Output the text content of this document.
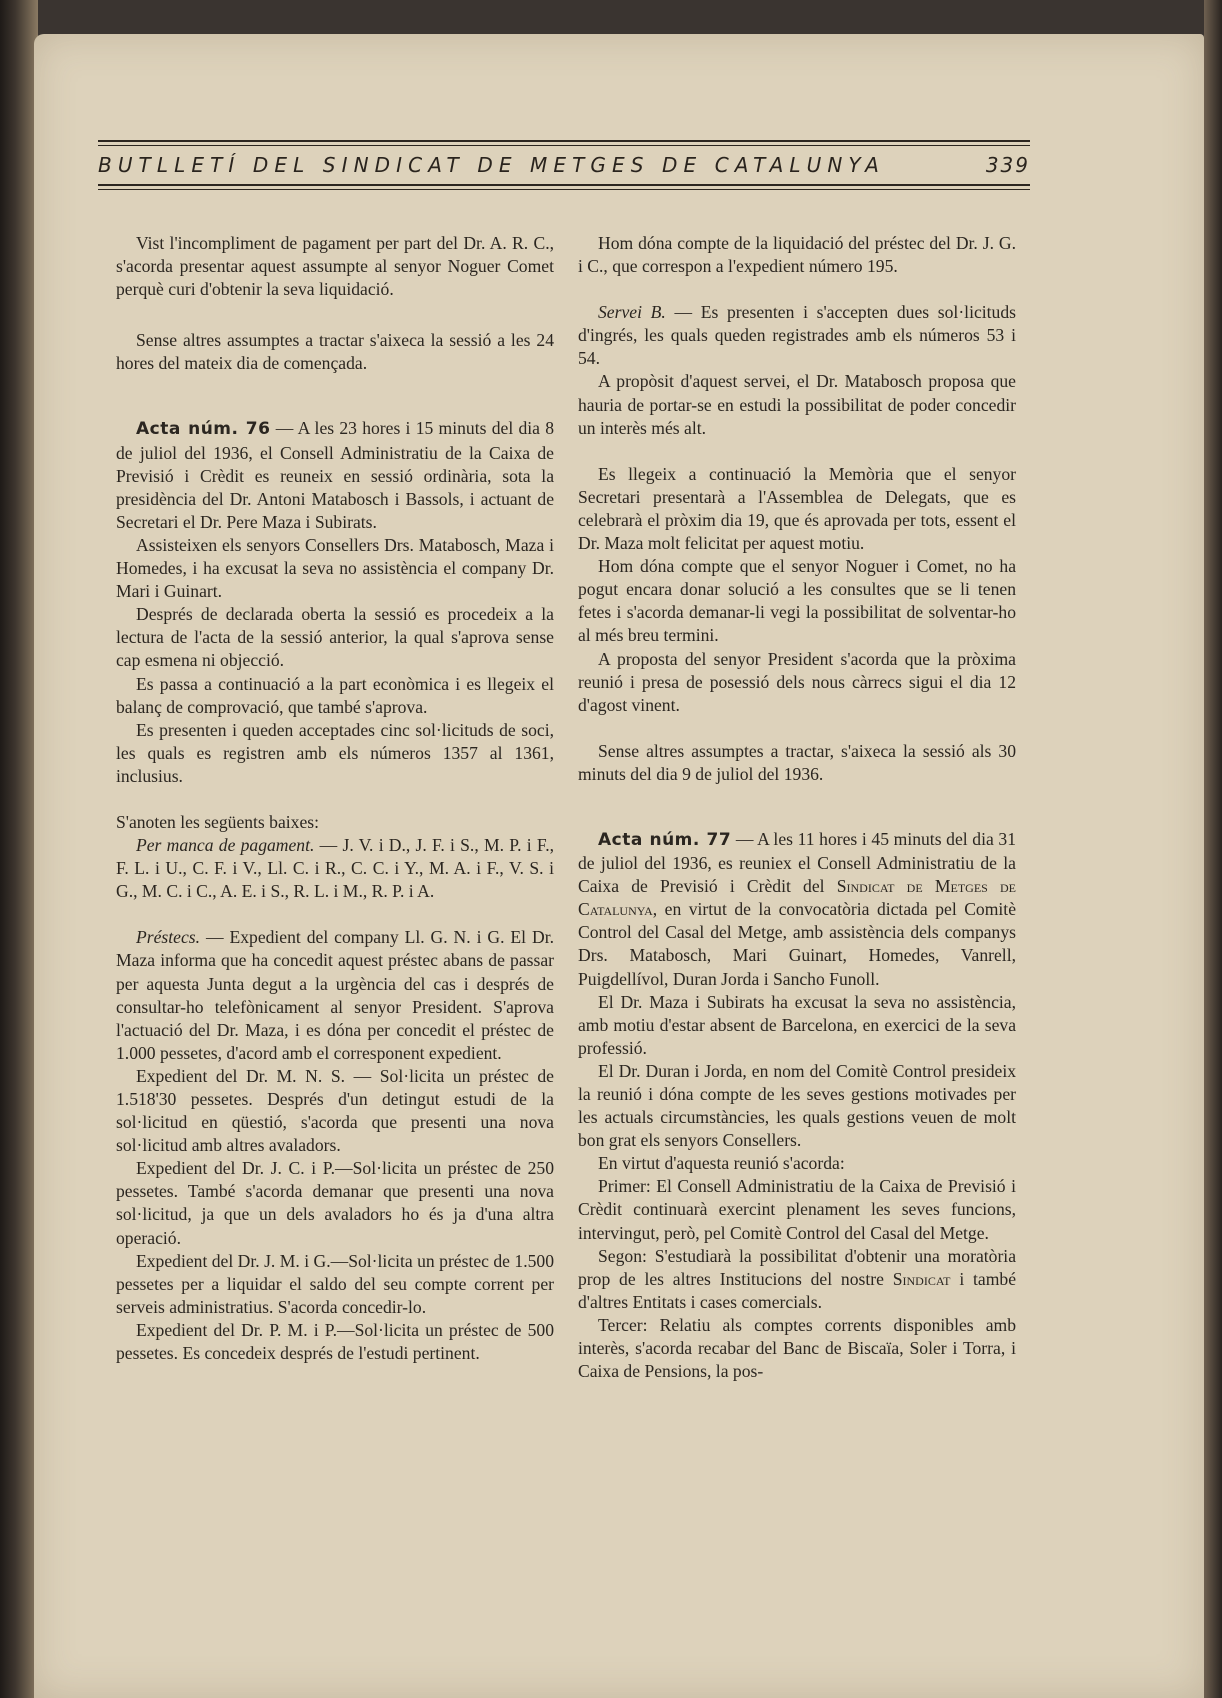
BUTLLETÍ DEL SINDICAT DE METGES DE CATALUNYA	339

Vist l'incompliment de pagament per part del Dr. A. R. C., s'acorda presentar aquest assumpte al senyor Noguer Comet perquè curi d'obtenir la seva liquidació.

Sense altres assumptes a tractar s'aixeca la sessió a les 24 hores del mateix dia de començada.

Acta núm. 76 — A les 23 hores i 15 minuts del dia 8 de juliol del 1936, el Consell Administratiu de la Caixa de Previsió i Crèdit es reuneix en sessió ordinària, sota la presidència del Dr. Antoni Matabosch i Bassols, i actuant de Secretari el Dr. Pere Maza i Subirats.

Assisteixen els senyors Consellers Drs. Matabosch, Maza i Homedes, i ha excusat la seva no assistència el company Dr. Mari i Guinart.

Després de declarada oberta la sessió es procedeix a la lectura de l'acta de la sessió anterior, la qual s'aprova sense cap esmena ni objecció.

Es passa a continuació a la part econòmica i es llegeix el balanç de comprovació, que també s'aprova.

Es presenten i queden acceptades cinc sol·licituds de soci, les quals es registren amb els números 1357 al 1361, inclusius.

S'anoten les següents baixes:

Per manca de pagament. — J. V. i D., J. F. i S., M. P. i F., F. L. i U., C. F. i V., Ll. C. i R., C. C. i Y., M. A. i F., V. S. i G., M. C. i C., A. E. i S., R. L. i M., R. P. i A.

Préstecs. — Expedient del company Ll. G. N. i G. El Dr. Maza informa que ha concedit aquest préstec abans de passar per aquesta Junta degut a la urgència del cas i després de consultar-ho telefònicament al senyor President. S'aprova l'actuació del Dr. Maza, i es dóna per concedit el préstec de 1.000 pessetes, d'acord amb el corresponent expedient.

Expedient del Dr. M. N. S. — Sol·licita un préstec de 1.518'30 pessetes. Després d'un detingut estudi de la sol·licitud en qüestió, s'acorda que presenti una nova sol·licitud amb altres avaladors.

Expedient del Dr. J. C. i P.—Sol·licita un préstec de 250 pessetes. També s'acorda demanar que presenti una nova sol·licitud, ja que un dels avaladors ho és ja d'una altra operació.

Expedient del Dr. J. M. i G.—Sol·licita un préstec de 1.500 pessetes per a liquidar el saldo del seu compte corrent per serveis administratius. S'acorda concedir-lo.

Expedient del Dr. P. M. i P.—Sol·licita un préstec de 500 pessetes. Es concedeix després de l'estudi pertinent.

Hom dóna compte de la liquidació del préstec del Dr. J. G. i C., que correspon a l'expedient número 195.

Servei B. — Es presenten i s'accepten dues sol·licituds d'ingrés, les quals queden registrades amb els números 53 i 54.

A propòsit d'aquest servei, el Dr. Matabosch proposa que hauria de portar-se en estudi la possibilitat de poder concedir un interès més alt.

Es llegeix a continuació la Memòria que el senyor Secretari presentarà a l'Assemblea de Delegats, que es celebrarà el pròxim dia 19, que és aprovada per tots, essent el Dr. Maza molt felicitat per aquest motiu.

Hom dóna compte que el senyor Noguer i Comet, no ha pogut encara donar solució a les consultes que se li tenen fetes i s'acorda demanar-li vegi la possibilitat de solventar-ho al més breu termini.

A proposta del senyor President s'acorda que la pròxima reunió i presa de posessió dels nous càrrecs sigui el dia 12 d'agost vinent.

Sense altres assumptes a tractar, s'aixeca la sessió als 30 minuts del dia 9 de juliol del 1936.

Acta núm. 77 — A les 11 hores i 45 minuts del dia 31 de juliol del 1936, es reuniex el Consell Administratiu de la Caixa de Previsió i Crèdit del Sindicat de Metges de Catalunya, en virtut de la convocatòria dictada pel Comitè Control del Casal del Metge, amb assistència dels companys Drs. Matabosch, Mari Guinart, Homedes, Vanrell, Puigdellívol, Duran Jorda i Sancho Funoll.

El Dr. Maza i Subirats ha excusat la seva no assistència, amb motiu d'estar absent de Barcelona, en exercici de la seva professió.

El Dr. Duran i Jorda, en nom del Comitè Control presideix la reunió i dóna compte de les seves gestions motivades per les actuals circumstàncies, les quals gestions veuen de molt bon grat els senyors Consellers.

En virtut d'aquesta reunió s'acorda:

Primer: El Consell Administratiu de la Caixa de Previsió i Crèdit continuarà exercint plenament les seves funcions, intervingut, però, pel Comitè Control del Casal del Metge.

Segon: S'estudiarà la possibilitat d'obtenir una moratòria prop de les altres Institucions del nostre Sindicat i també d'altres Entitats i cases comercials.

Tercer: Relatiu als comptes corrents disponibles amb interès, s'acorda recabar del Banc de Biscaïa, Soler i Torra, i Caixa de Pensions, la pos-
